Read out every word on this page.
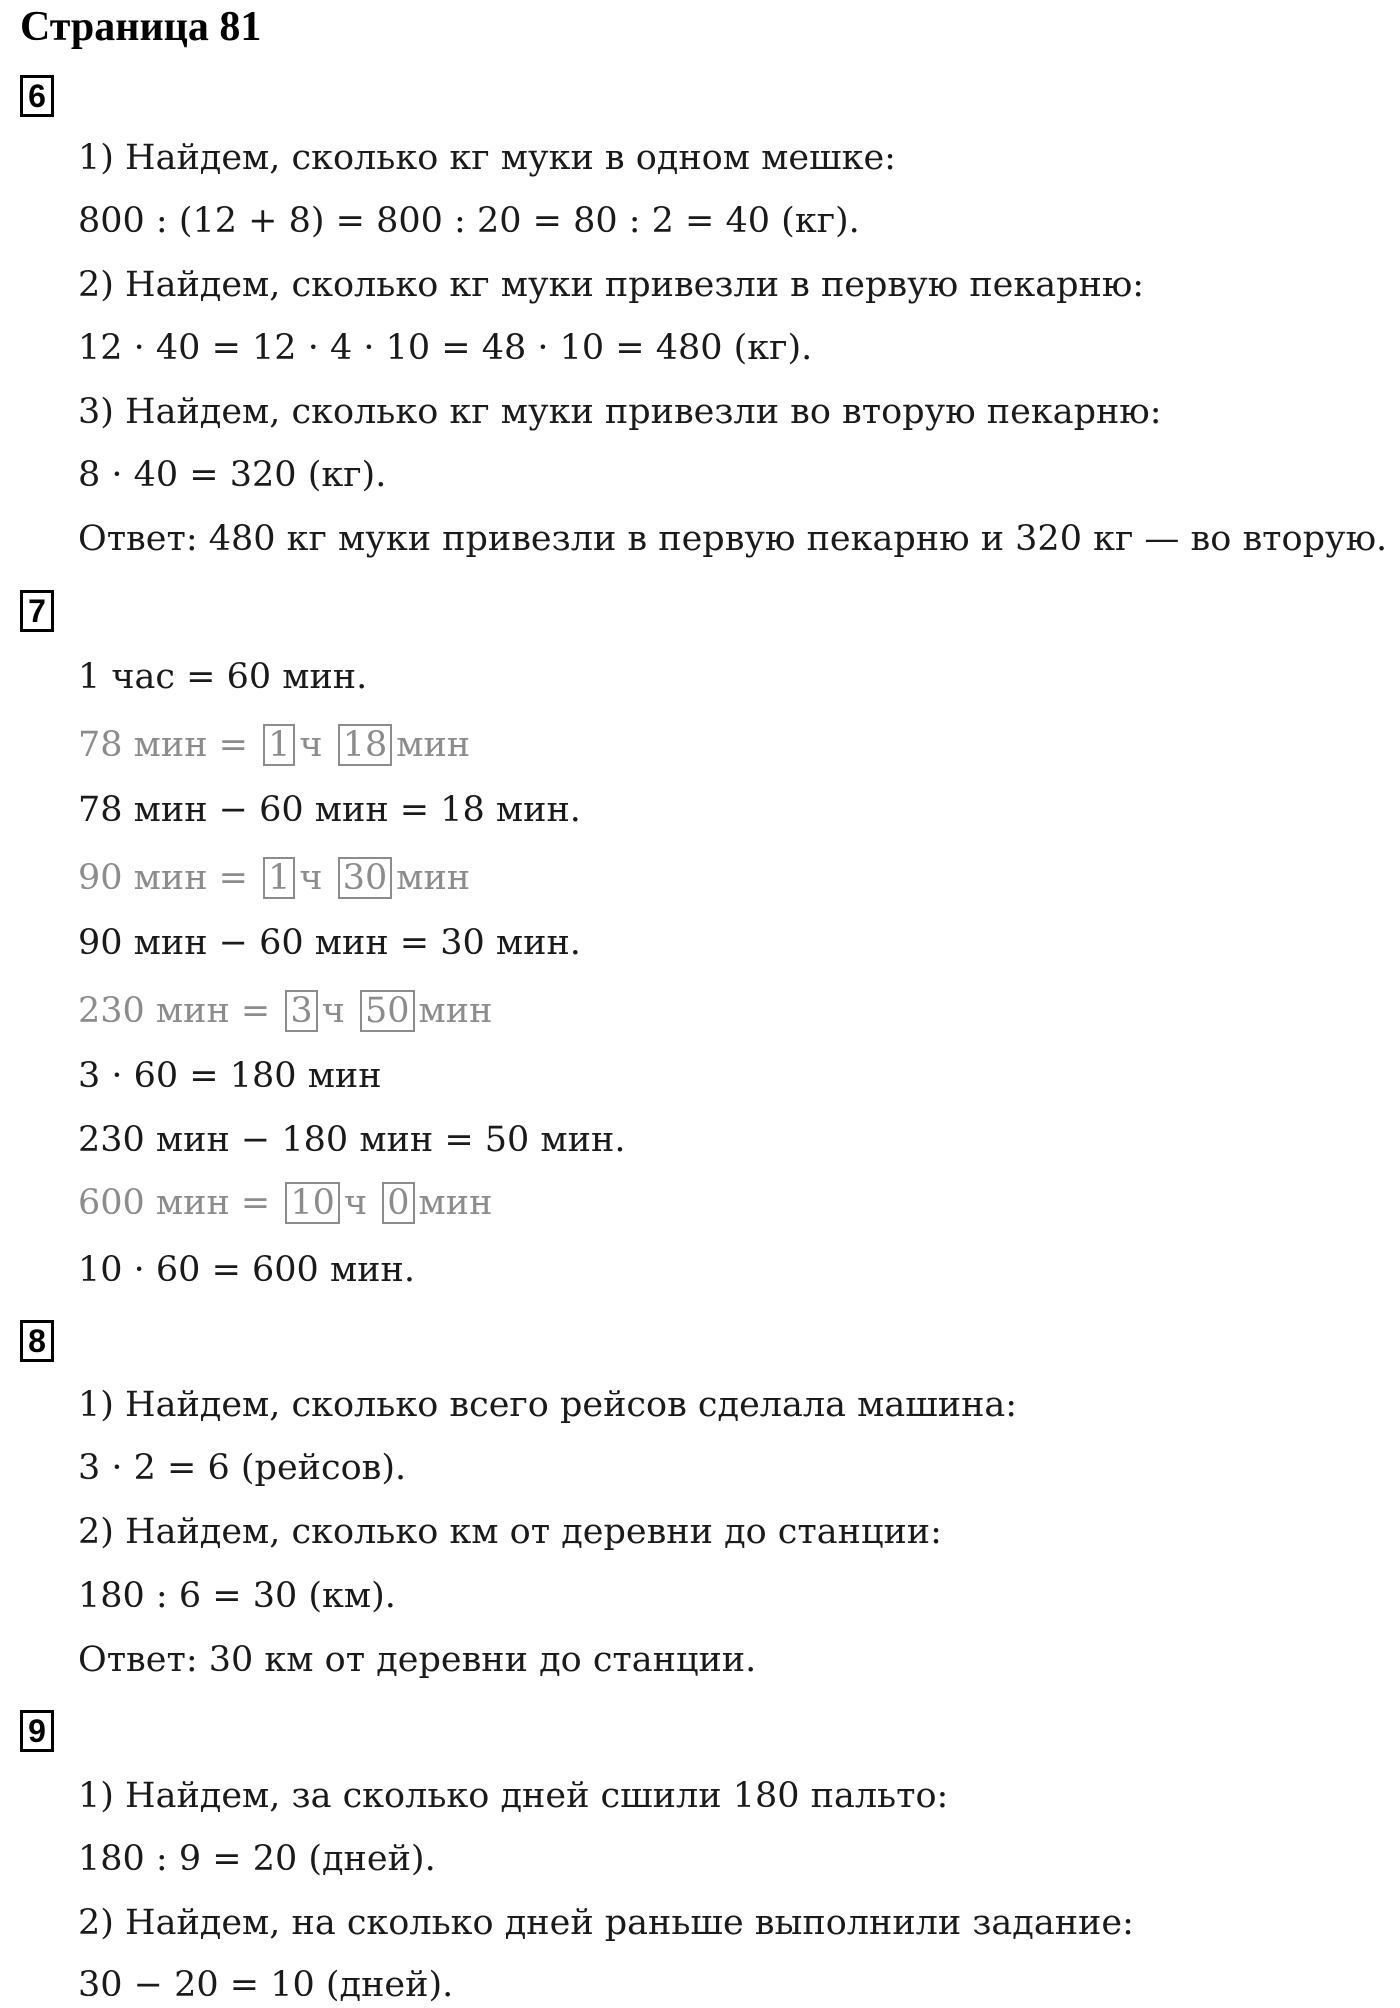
Страница 81
6
1) Найдем, сколько кг муки в одном мешке:
800 : (12 + 8) = 800 : 20 = 80 : 2 = 40 (кг).
2) Найдем, сколько кг муки привезли в первую пекарню:
12 · 40 = 12 · 4 · 10 = 48 · 10 = 480 (кг).
3) Найдем, сколько кг муки привезли во вторую пекарню:
8 · 40 = 320 (кг).
Ответ: 480 кг муки привезли в первую пекарню и 320 кг — во вторую.
7
1 час = 60 мин.
78 мин = 1 ч 18 мин
78 мин − 60 мин = 18 мин.
90 мин = 1 ч 30 мин
90 мин − 60 мин = 30 мин.
230 мин = 3 ч 50 мин
3 · 60 = 180 мин
230 мин − 180 мин = 50 мин.
600 мин = 10 ч 0 мин
10 · 60 = 600 мин.
8
1) Найдем, сколько всего рейсов сделала машина:
3 · 2 = 6 (рейсов).
2) Найдем, сколько км от деревни до станции:
180 : 6 = 30 (км).
Ответ: 30 км от деревни до станции.
9
1) Найдем, за сколько дней сшили 180 пальто:
180 : 9 = 20 (дней).
2) Найдем, на сколько дней раньше выполнили задание:
30 − 20 = 10 (дней).
